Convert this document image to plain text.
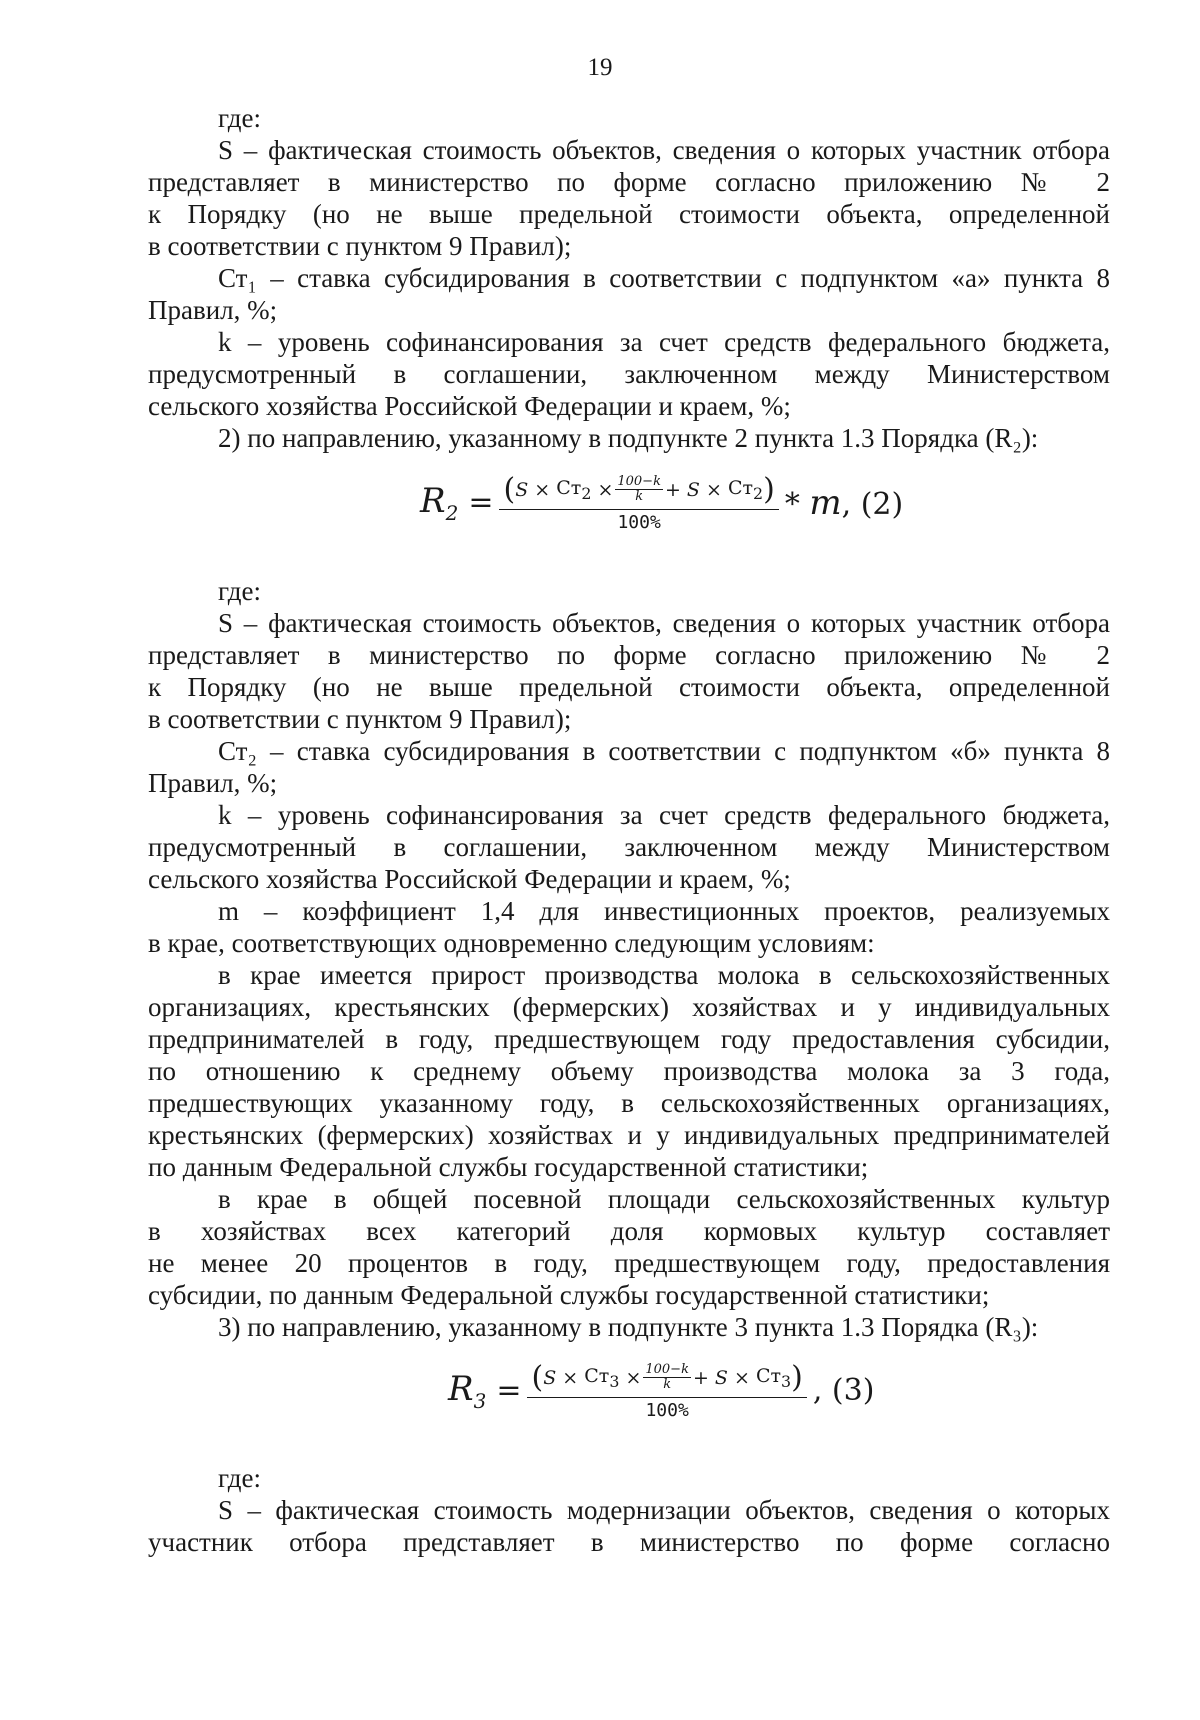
19
где:
S – фактическая стоимость объектов, сведения о которых участник отбора
представляет в министерство по форме согласно приложению № 2
к Порядку (но не выше предельной стоимости объекта, определенной
в соответствии с пунктом 9 Правил);
Ст₁ – ставка субсидирования в соответствии с подпунктом «а» пункта 8
Правил, %;
k – уровень софинансирования за счет средств федерального бюджета,
предусмотренный в соглашении, заключенном между Министерством
сельского хозяйства Российской Федерации и краем, %;
2) по направлению, указанному в подпункте 2 пункта 1.3 Порядка (R₂):
$R_2$ = ( S
×
$Ст_2$
× $\frac{100-k}{k}$ +
S
×
$Ст_2$ )
100%
* m, (2)
где:
S – фактическая стоимость объектов, сведения о которых участник отбора
представляет в министерство по форме согласно приложению № 2
к Порядку (но не выше предельной стоимости объекта, определенной
в соответствии с пунктом 9 Правил);
Ст₂ – ставка субсидирования в соответствии с подпунктом «б» пункта 8
Правил, %;
k – уровень софинансирования за счет средств федерального бюджета,
предусмотренный в соглашении, заключенном между Министерством
сельского хозяйства Российской Федерации и краем, %;
m – коэффициент 1,4 для инвестиционных проектов, реализуемых
в крае, соответствующих одновременно следующим условиям:
в крае имеется прирост производства молока в сельскохозяйственных
организациях, крестьянских (фермерских) хозяйствах и у индивидуальных
предпринимателей в году, предшествующем году предоставления субсидии,
по отношению к среднему объему производства молока за 3 года,
предшествующих указанному году, в сельскохозяйственных организациях,
крестьянских (фермерских) хозяйствах и у индивидуальных предпринимателей
по данным Федеральной службы государственной статистики;
в крае в общей посевной площади сельскохозяйственных культур
в хозяйствах всех категорий доля кормовых культур составляет
не менее 20 процентов в году, предшествующем году, предоставления
субсидии, по данным Федеральной службы государственной статистики;
3) по направлению, указанному в подпункте 3 пункта 1.3 Порядка (R₃):
$R_3$ = ( S
×
$Ст_3$
× $\frac{100-k}{k}$ +
S
×
$Ст_3$ )
100%
, (3)
где:
S – фактическая стоимость модернизации объектов, сведения о которых
участник отбора представляет в министерство по форме согласно
